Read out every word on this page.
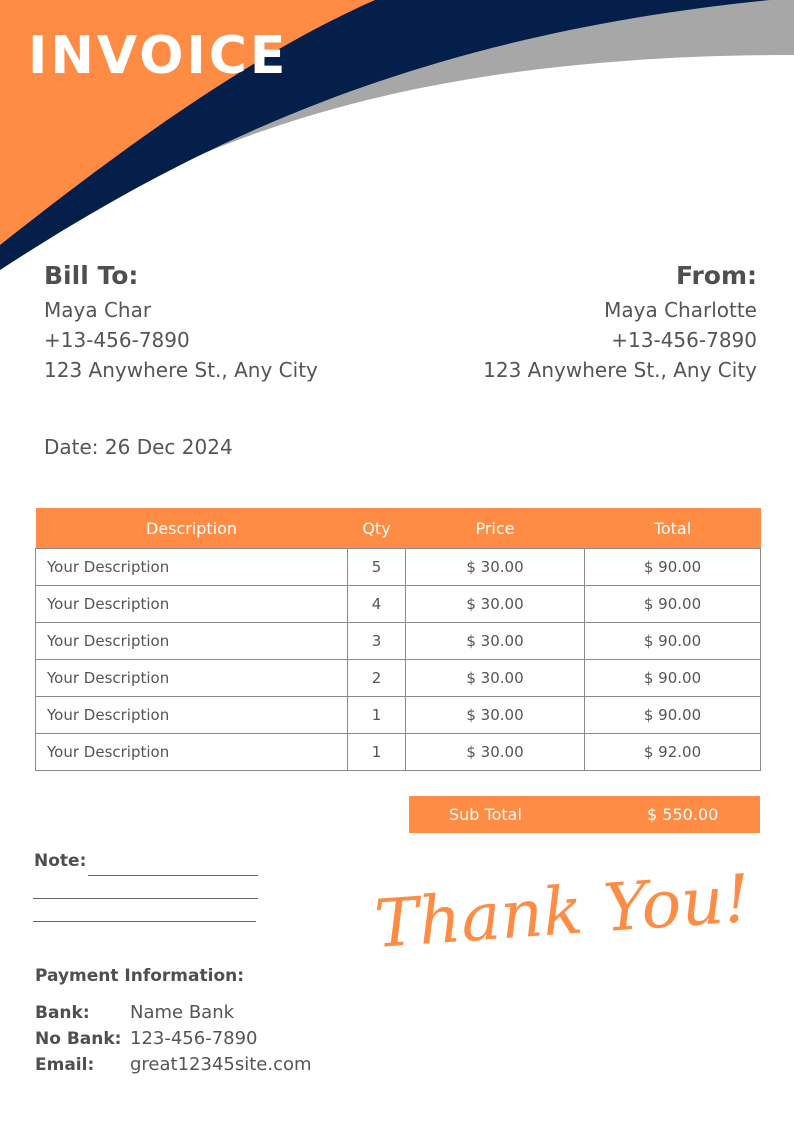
INVOICE
Bill To:
Maya Char
+13-456-7890
123 Anywhere St., Any City
From:
Maya Charlotte
+13-456-7890
123 Anywhere St., Any City
Date: 26 Dec 2024
Description	Qty	Price	Total
Your Description	5	$ 30.00	$ 90.00
Your Description	4	$ 30.00	$ 90.00
Your Description	3	$ 30.00	$ 90.00
Your Description	2	$ 30.00	$ 90.00
Your Description	1	$ 30.00	$ 90.00
Your Description	1	$ 30.00	$ 92.00
Sub Total	$ 550.00
Note:
Payment Information:
Bank: Name Bank
No Bank: 123-456-7890
Email: great12345site.com
Thank You!
